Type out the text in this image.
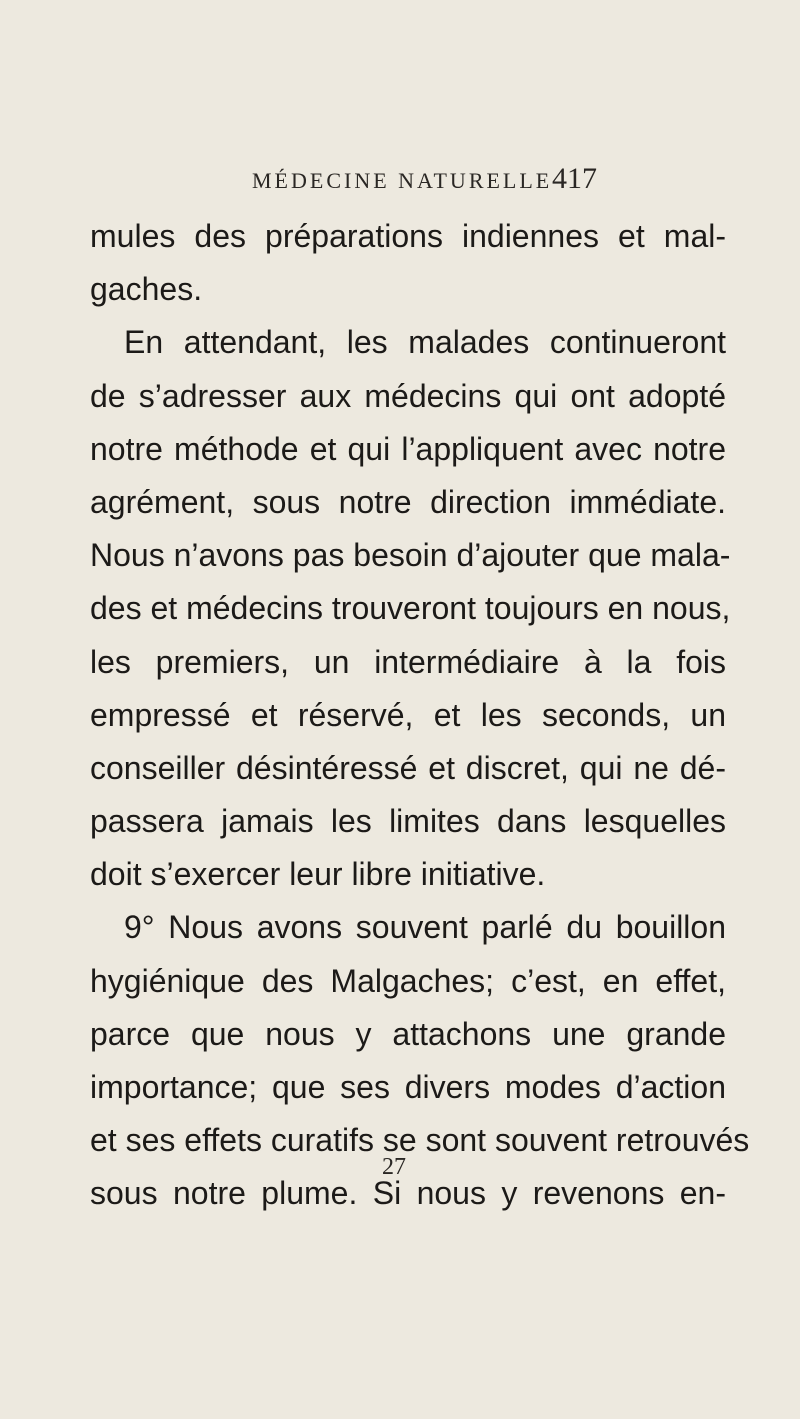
MÉDECINE NATURELLE 417
mules des préparations indiennes et mal-
gaches.
En attendant, les malades continueront
de s’adresser aux médecins qui ont adopté
notre méthode et qui l’appliquent avec notre
agrément, sous notre direction immédiate.
Nous n’avons pas besoin d’ajouter que mala-
des et médecins trouveront toujours en nous,
les premiers, un intermédiaire à la fois
empressé et réservé, et les seconds, un
conseiller désintéressé et discret, qui ne dé-
passera jamais les limites dans lesquelles
doit s’exercer leur libre initiative.
9° Nous avons souvent parlé du bouillon
hygiénique des Malgaches; c’est, en effet,
parce que nous y attachons une grande
importance; que ses divers modes d’action
et ses effets curatifs se sont souvent retrouvés
sous notre plume. Si nous y revenons en-
27
